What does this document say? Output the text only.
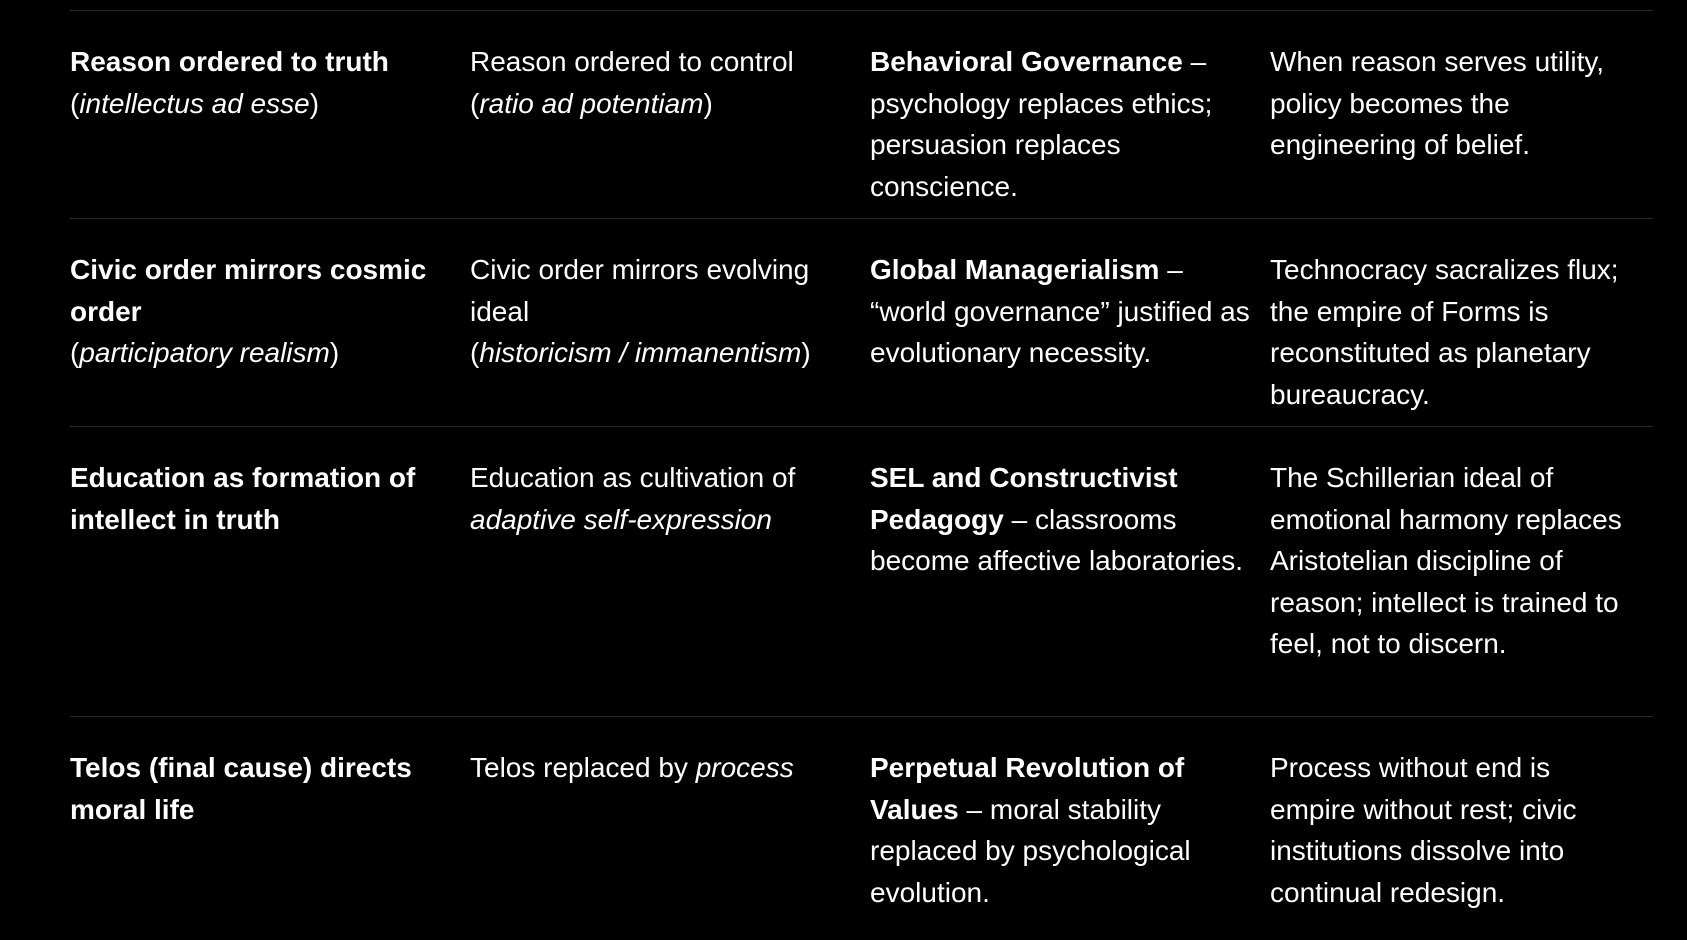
Reason ordered to truth
(intellectus ad esse)
Reason ordered to control
(ratio ad potentiam)
Behavioral Governance – psychology replaces ethics; persuasion replaces conscience.
When reason serves utility, policy becomes the engineering of belief.
Civic order mirrors cosmic order
(participatory realism)
Civic order mirrors evolving ideal
(historicism / immanentism)
Global Managerialism – “world governance” justified as evolutionary necessity.
Technocracy sacralizes flux; the empire of Forms is reconstituted as planetary bureaucracy.
Education as formation of intellect in truth
Education as cultivation of
adaptive self-expression
SEL and Constructivist Pedagogy – classrooms become affective laboratories.
The Schillerian ideal of emotional harmony replaces Aristotelian discipline of reason; intellect is trained to feel, not to discern.
Telos (final cause) directs moral life
Telos replaced by process	Perpetual Revolution of Values – moral stability replaced by psychological evolution.
Process without end is empire without rest; civic institutions dissolve into continual redesign.
